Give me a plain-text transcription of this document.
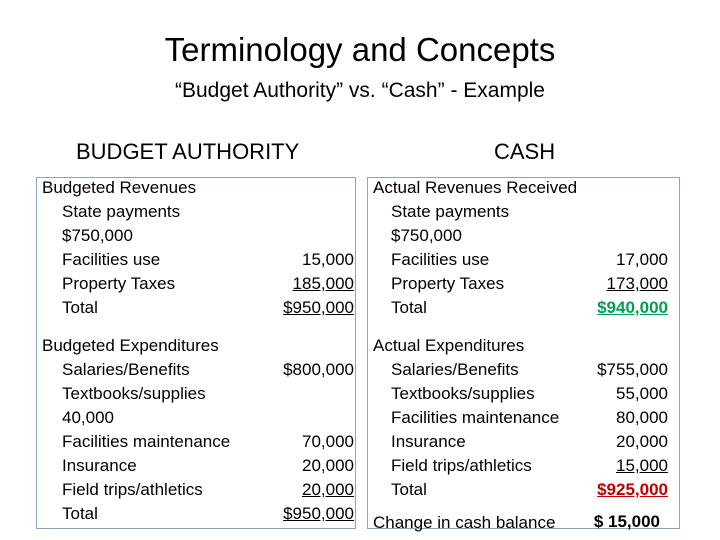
Terminology and Concepts
“Budget Authority” vs. “Cash” - Example
BUDGET AUTHORITY	CASH
Budgeted Revenues
State payments
$750,000
Facilities use	15,000
Property Taxes	185,000
Total	$950,000
Budgeted Expenditures
Salaries/Benefits	$800,000
Textbooks/supplies
40,000
Facilities maintenance	70,000
Insurance	20,000
Field trips/athletics	20,000
Total	$950,000
Actual Revenues Received
State payments
$750,000
Facilities use	17,000
Property Taxes	173,000
Total	$940,000
Actual Expenditures
Salaries/Benefits	$755,000
Textbooks/supplies	55,000
Facilities maintenance	80,000
Insurance	20,000
Field trips/athletics	15,000
Total	$925,000
Change in cash balance $ 15,000
